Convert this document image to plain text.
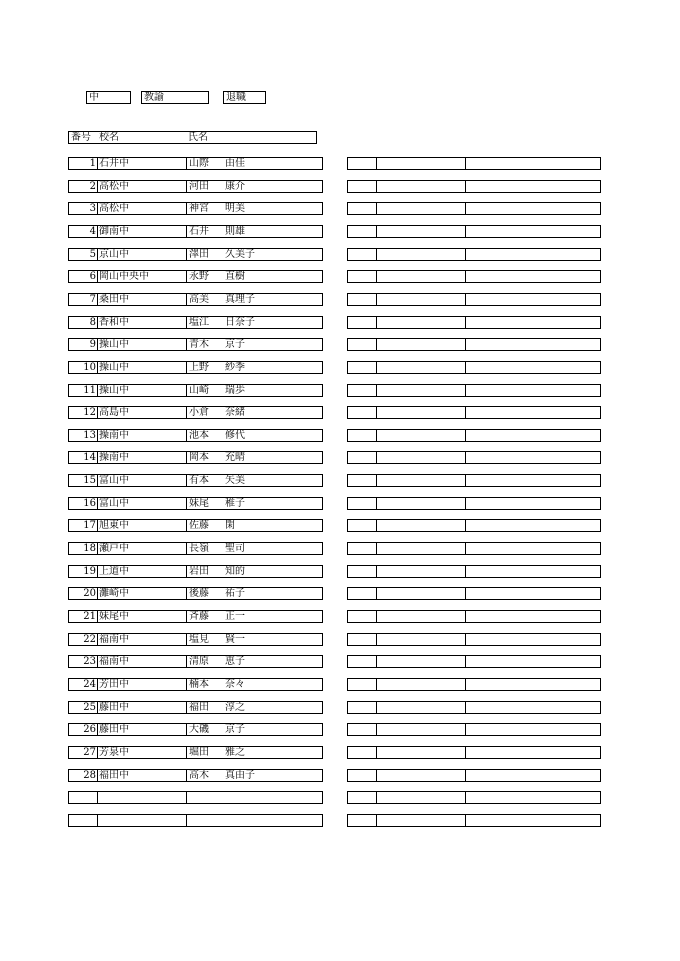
中	教諭	退職
番号 校名	氏名
1 石井中	山際 由佳
2 高松中	河田 康介
3 高松中	神宮 明美
4 御南中	石井 則雄
5 京山中	澤田 久美子
6 岡山中央中	永野 直樹
7 桑田中	高美 真理子
8 香和中	塩江 日奈子
9 操山中	青木 京子
10 操山中	上野 紗季
11 操山中	山崎 瑞歩
12 高島中	小倉 奈緒
13 操南中	池本 修代
14 操南中	岡本 充晴
15 富山中	有本 矢美
16 富山中	妹尾 稚子
17 旭東中	佐藤 閑
18 瀬戸中	長嶺 聖司
19 上道中	岩田 知的
20 灘崎中	後藤 祐子
21 妹尾中	斉藤 正一
22 福南中	塩見 賢一
23 福南中	清原 恵子
24 芳田中	楠本 奈々
25 藤田中	福田 淳之
26 藤田中	大磯 京子
27 芳泉中	堀田 雅之
28 福田中	高木 真由子
